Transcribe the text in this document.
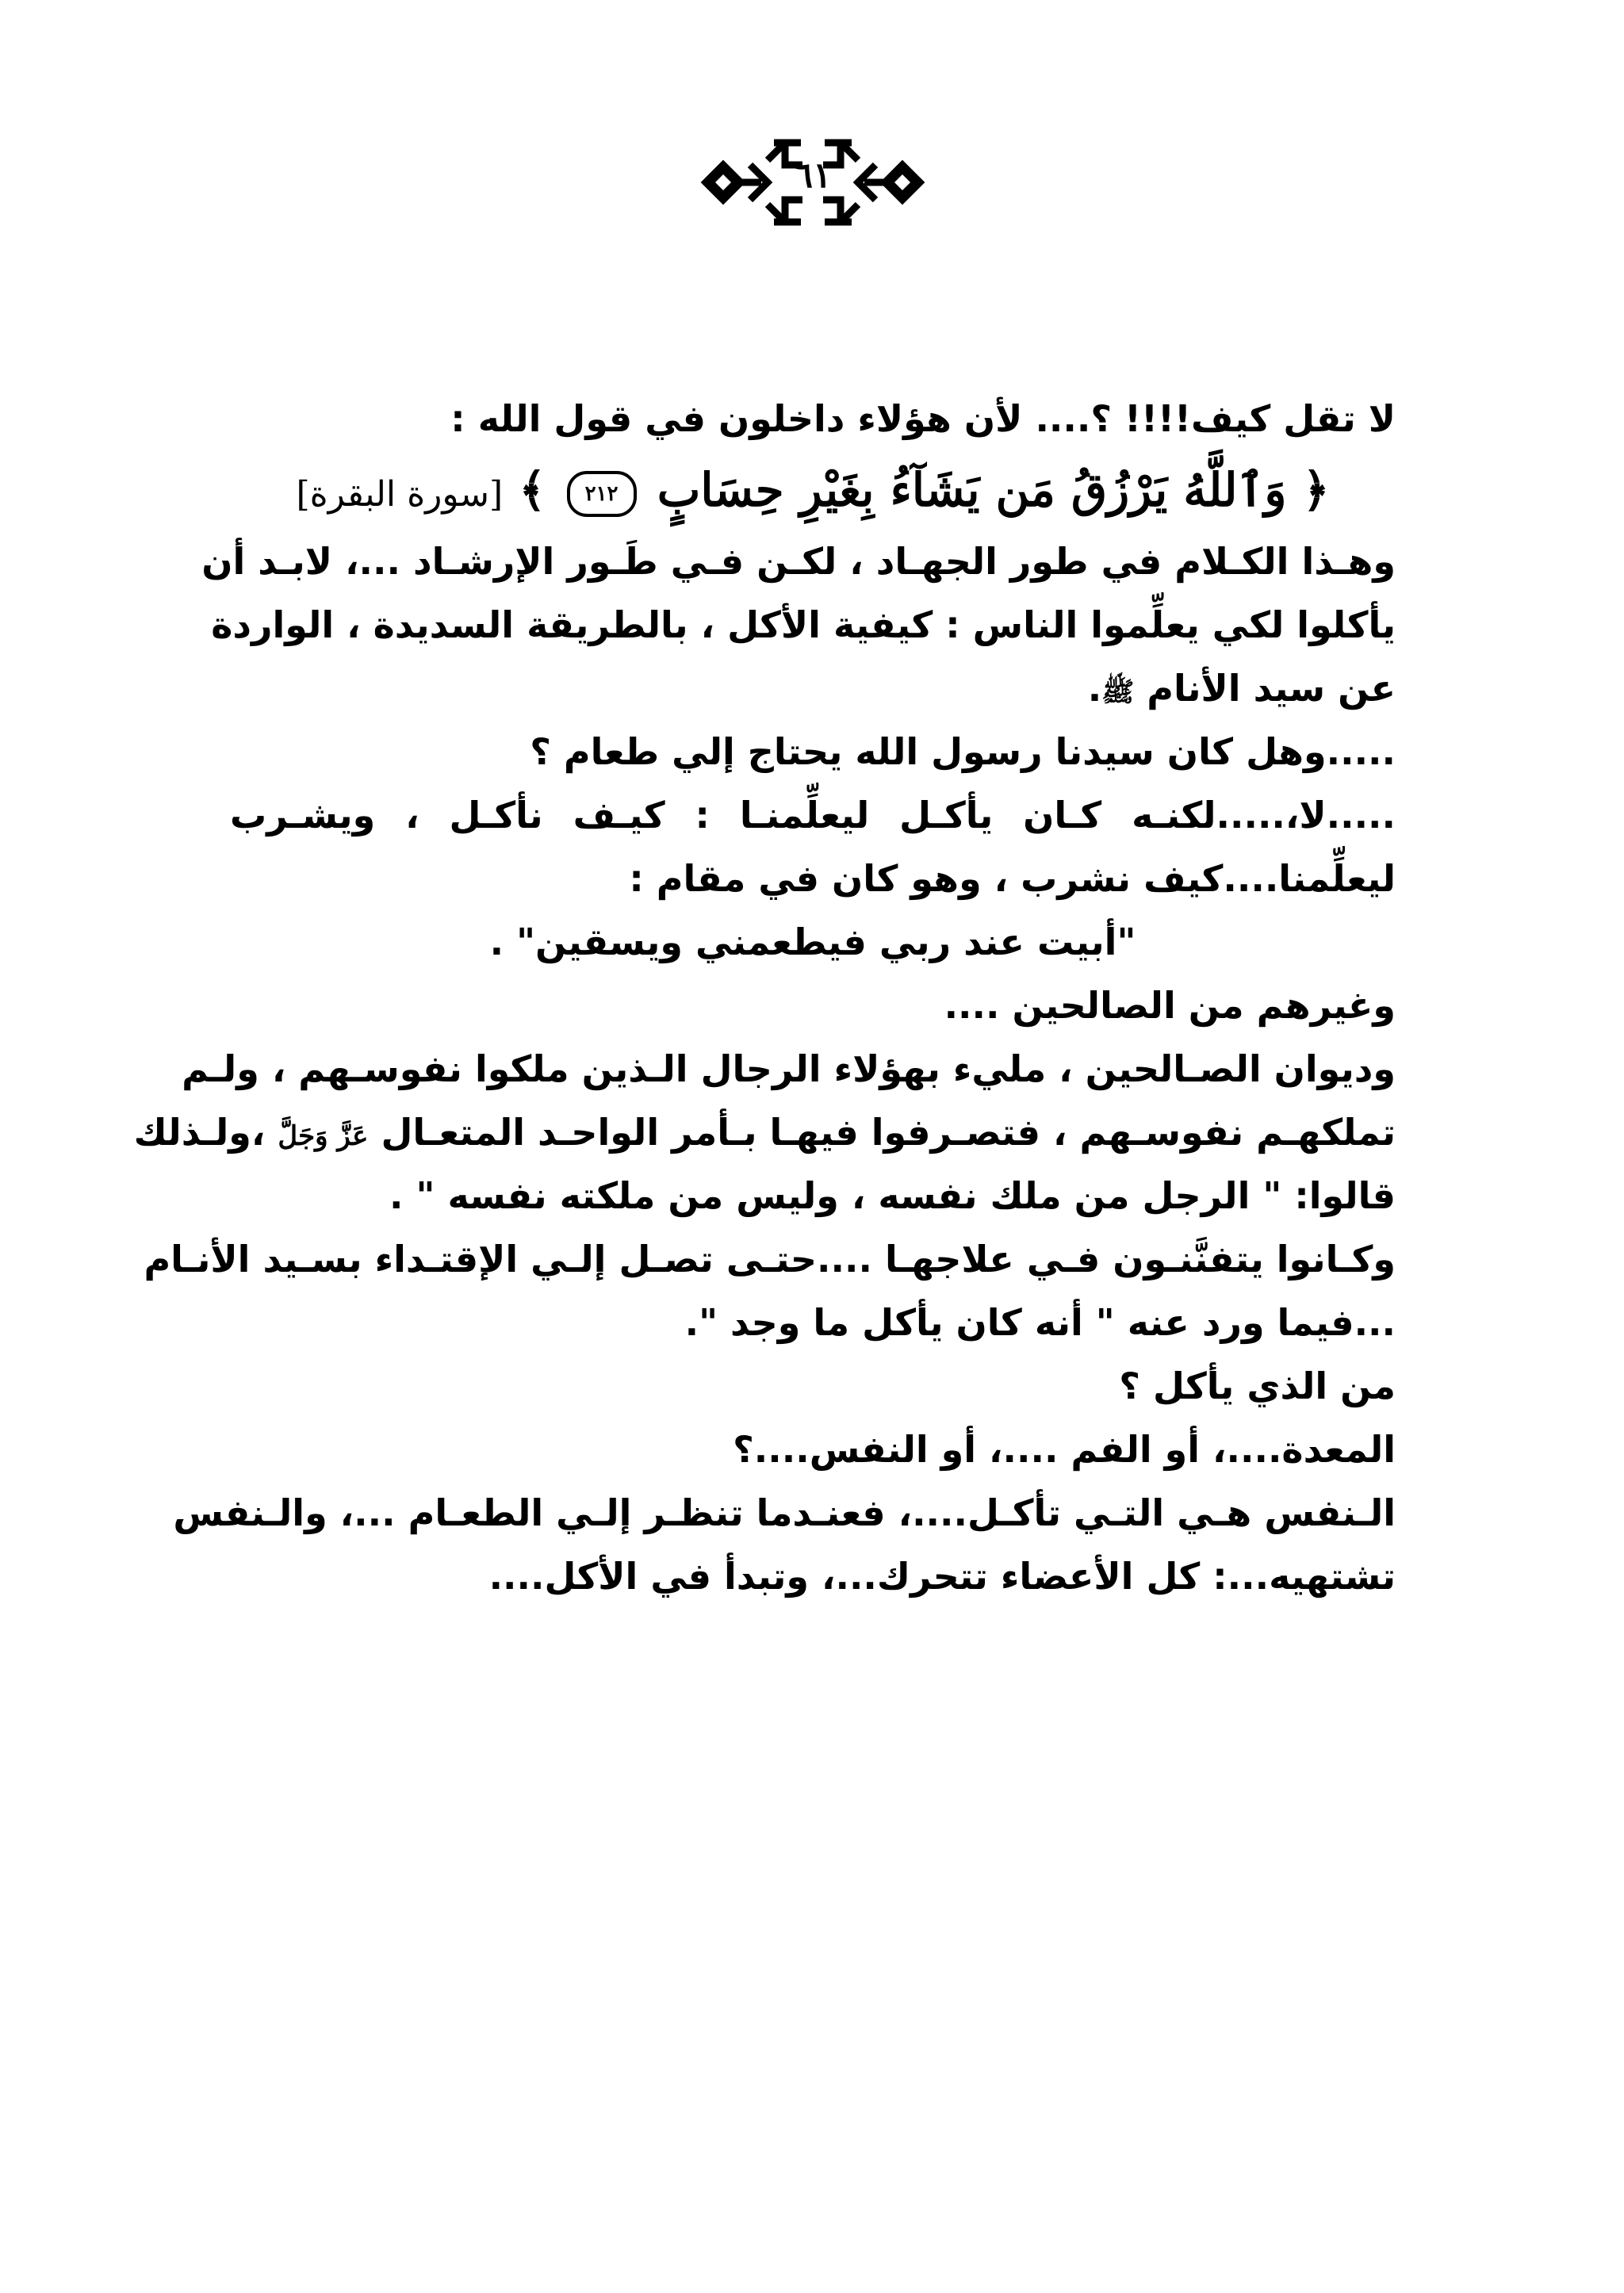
٦١
لا تقل كيف!!!! ؟.... لأن هؤلاء داخلون في قول الله :
﴿ وَٱللَّهُ يَرْزُقُ مَن يَشَآءُ بِغَيْرِ حِسَابٍ ٢١٢ ﴾ [سورة البقرة]
وهـذا الكـلام في طور الجهـاد ، لكـن فـي طَـور الإرشـاد ...، لابـد أن
يأكلوا لكي يعلِّموا الناس : كيفية الأكل ، بالطريقة السديدة ، الواردة
عن سيد الأنام ﷺ.
.....وهل كان سيدنا رسول الله يحتاج إلي طعام ؟
.....لا،.....لكنـه كـان يأكـل ليعلِّمنـا : كيـف نأكـل ، ويشـرب
ليعلِّمنا....كيف نشرب ، وهو كان في مقام :
"أبيت عند ربي فيطعمني ويسقين" .
وغيرهم من الصالحين ....
وديوان الصـالحين ، مليء بهؤلاء الرجال الـذين ملكوا نفوسـهم ، ولـم
تملكهـم نفوسـهم ، فتصـرفوا فيهـا بـأمر الواحـد المتعـال عَزَّ وَجَلَّ ،ولـذلك
قالوا: " الرجل من ملك نفسه ، وليس من ملكته نفسه " .
وكـانوا يتفنَّنـون فـي علاجهـا ....حتـى تصـل إلـي الإقتـداء بسـيد الأنـام
...فيما ورد عنه " أنه كان يأكل ما وجد ".
من الذي يأكل ؟
المعدة....، أو الفم ....، أو النفس....؟
الـنفس هـي التـي تأكـل....، فعنـدما تنظـر إلـي الطعـام ...، والـنفس
تشتهيه...: كل الأعضاء تتحرك...، وتبدأ في الأكل....
